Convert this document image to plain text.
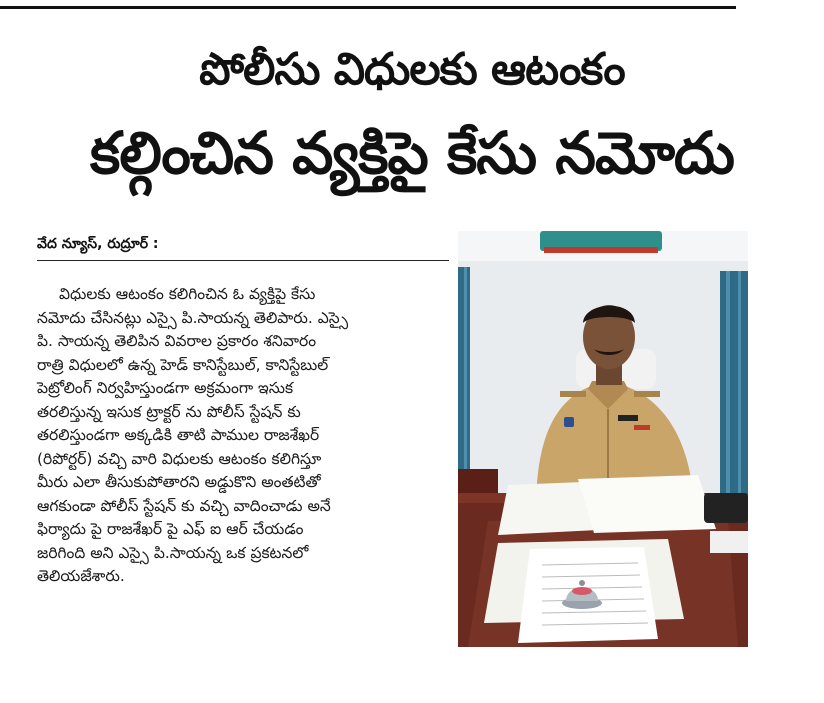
పోలీసు విధులకు ఆటంకం
కల్గించిన వ్యక్తిపై కేసు నమోదు
వేద న్యూస్, రుద్రూర్ :

విధులకు ఆటంకం కలిగించిన ఓ వ్యక్తిపై కేసు

నమోదు చేసినట్లు ఎస్సై పి.సాయన్న తెలిపారు. ఎస్సై

పి. సాయన్న తెలిపిన వివరాల ప్రకారం శనివారం

రాత్రి విధులలో ఉన్న హెడ్ కానిస్టేబుల్, కానిస్టేబుల్

పెట్రోలింగ్ నిర్వహిస్తుండగా అక్రమంగా ఇసుక

తరలిస్తున్న ఇసుక ట్రాక్టర్ ను పోలీస్ స్టేషన్ కు

తరలిస్తుండగా అక్కడికి తాటి పాముల రాజశేఖర్

(రిపోర్టర్) వచ్చి వారి విధులకు ఆటంకం కలిగిస్తూ

మీరు ఎలా తీసుకుపోతారని అడ్డుకొని అంతటితో

ఆగకుండా పోలీస్ స్టేషన్ కు వచ్చి వాదించాడు అనే

ఫిర్యాదు పై రాజశేఖర్ పై ఎఫ్ ఐ ఆర్ చేయడం

జరిగింది అని ఎస్సై పి.సాయన్న ఒక ప్రకటనలో

తెలియజేశారు.
